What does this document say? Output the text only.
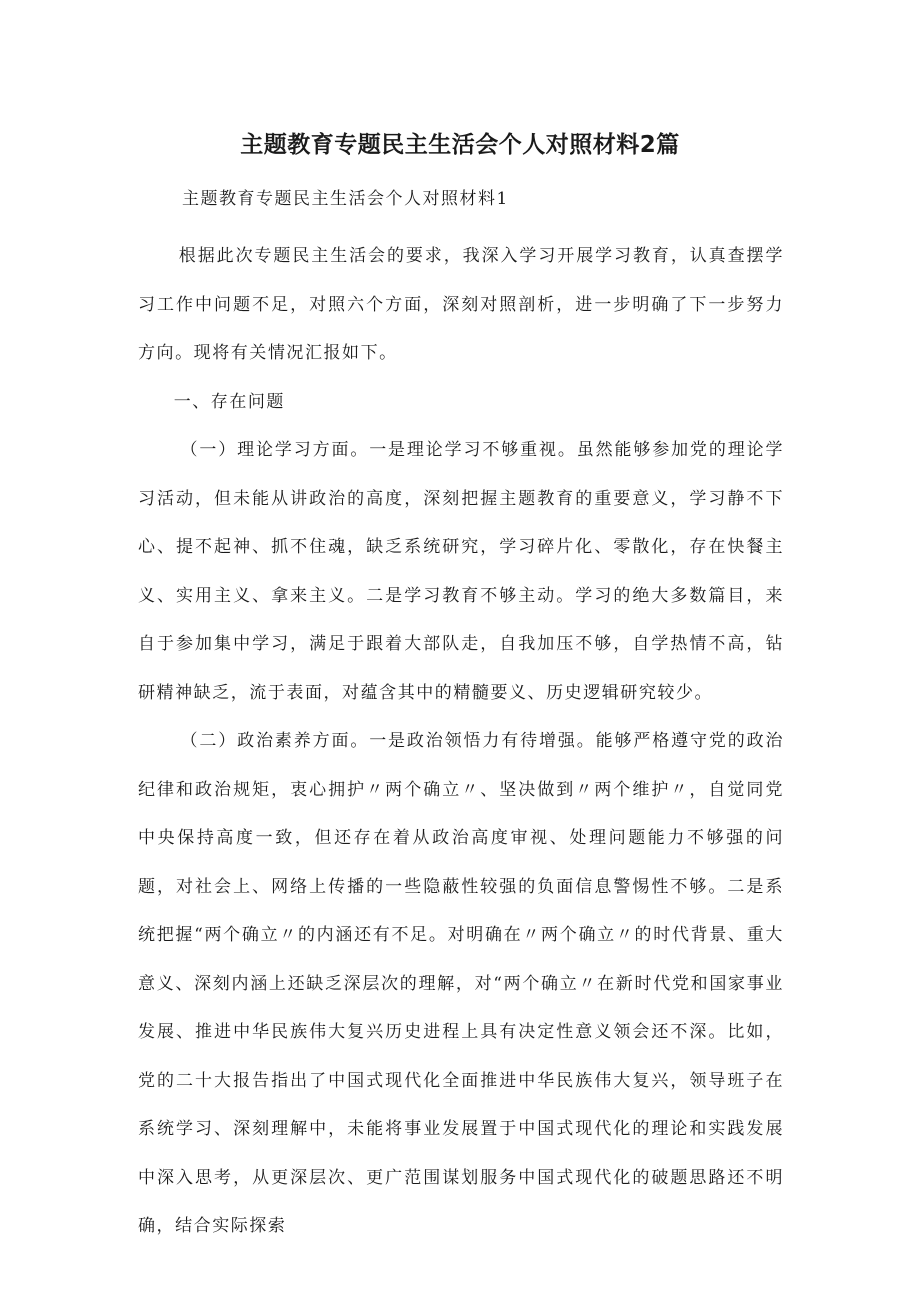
主题教育专题民主生活会个人对照材料2篇

主题教育专题民主生活会个人对照材料1

根据此次专题民主生活会的要求，我深入学习开展学习教育，认真查摆学习工作中问题不足，对照六个方面，深刻对照剖析，进一步明确了下一步努力方向。现将有关情况汇报如下。

一、存在问题

（一）理论学习方面。一是理论学习不够重视。虽然能够参加党的理论学习活动，但未能从讲政治的高度，深刻把握主题教育的重要意义，学习静不下心、提不起神、抓不住魂，缺乏系统研究，学习碎片化、零散化，存在快餐主义、实用主义、拿来主义。二是学习教育不够主动。学习的绝大多数篇目，来自于参加集中学习，满足于跟着大部队走，自我加压不够，自学热情不高，钻研精神缺乏，流于表面，对蕴含其中的精髓要义、历史逻辑研究较少。

（二）政治素养方面。一是政治领悟力有待增强。能够严格遵守党的政治纪律和政治规矩，衷心拥护〃两个确立〃、坚决做到〃两个维护〃，自觉同党中央保持高度一致，但还存在着从政治高度审视、处理问题能力不够强的问题，对社会上、网络上传播的一些隐蔽性较强的负面信息警惕性不够。二是系统把握“两个确立〃的内涵还有不足。对明确在〃两个确立〃的时代背景、重大意义、深刻内涵上还缺乏深层次的理解，对“两个确立〃在新时代党和国家事业发展、推进中华民族伟大复兴历史进程上具有决定性意义领会还不深。比如，党的二十大报告指出了中国式现代化全面推进中华民族伟大复兴，领导班子在系统学习、深刻理解中，未能将事业发展置于中国式现代化的理论和实践发展中深入思考，从更深层次、更广范围谋划服务中国式现代化的破题思路还不明确，结合实际探索
